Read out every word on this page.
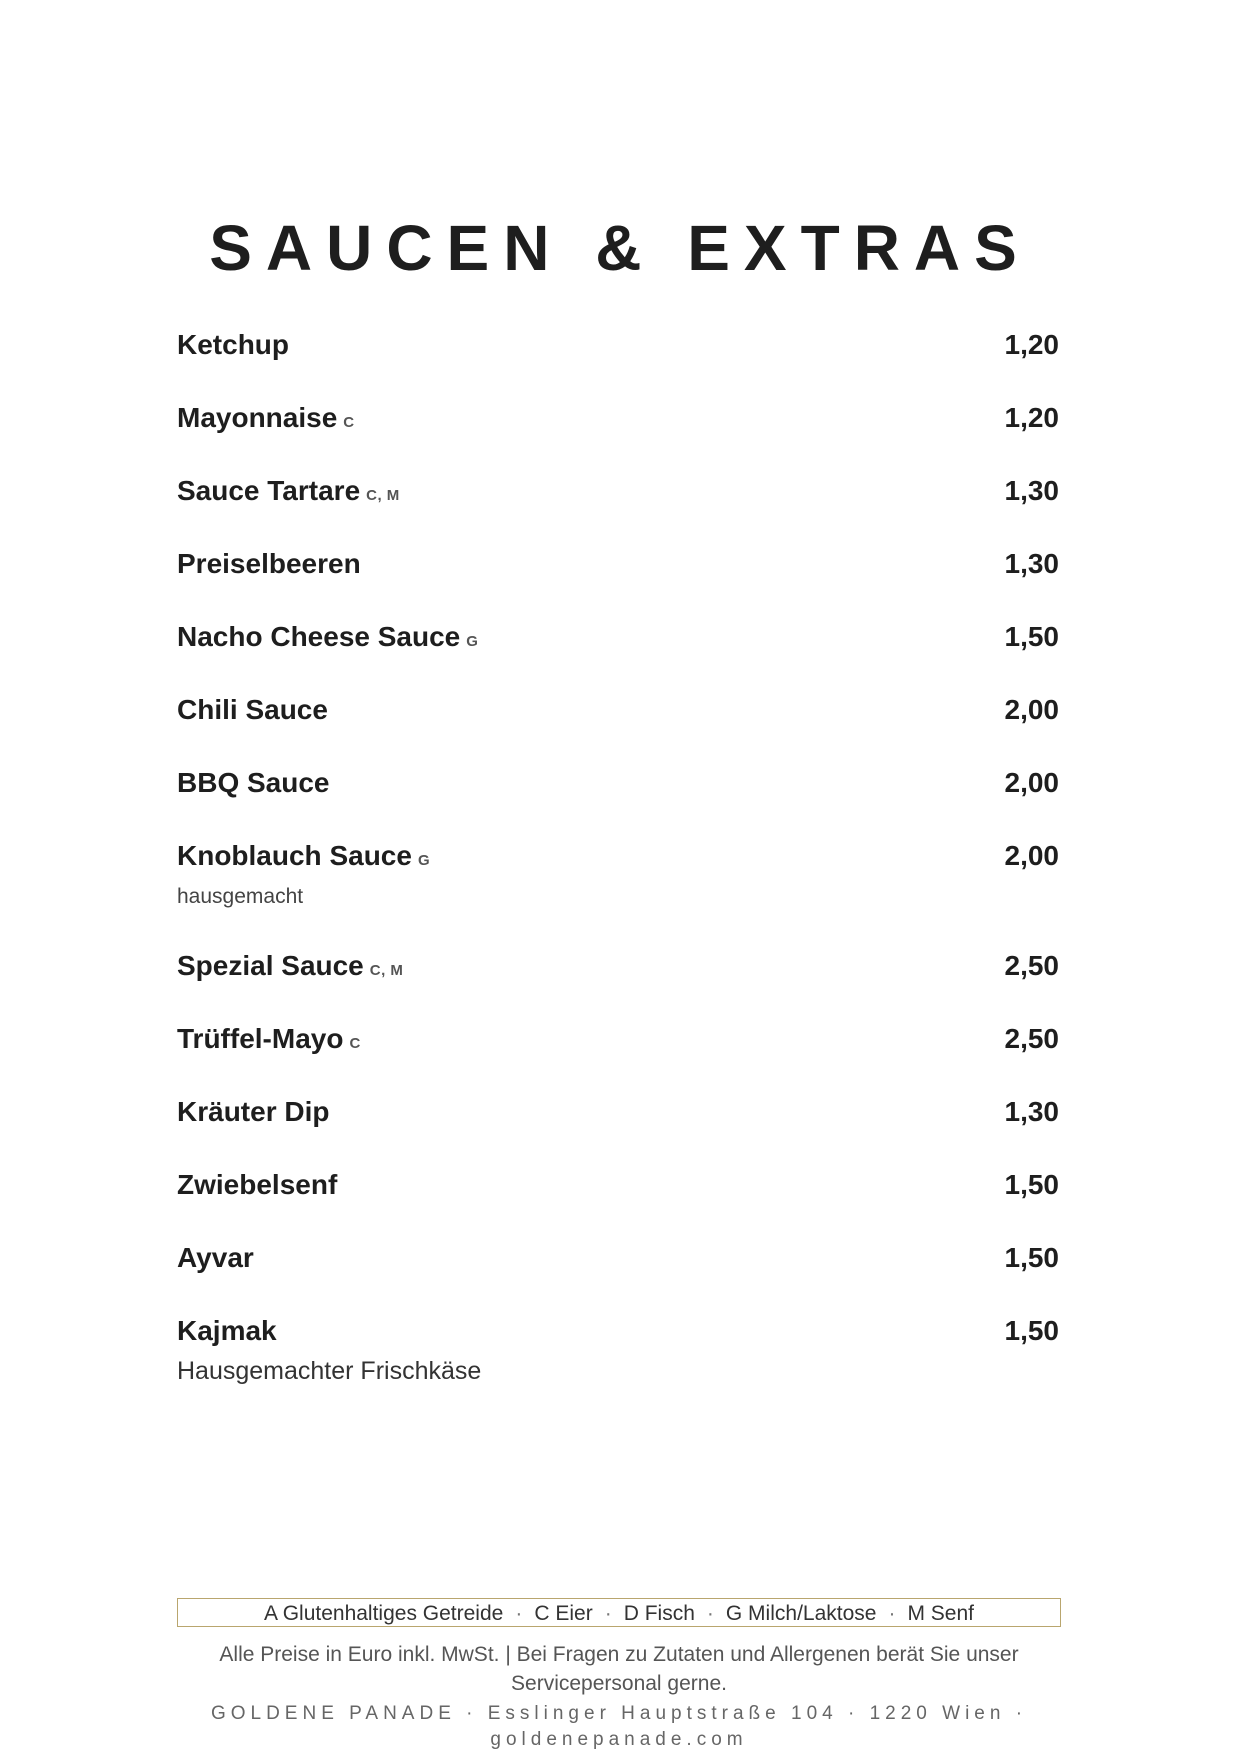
SAUCEN & EXTRAS
Ketchup	1,20
Mayonnaise C	1,20
Sauce Tartare C, M	1,30
Preiselbeeren	1,30
Nacho Cheese Sauce G	1,50
Chili Sauce	2,00
BBQ Sauce	2,00
Knoblauch Sauce G	2,00
hausgemacht
Spezial Sauce C, M	2,50
Trüffel-Mayo C	2,50
Kräuter Dip	1,30
Zwiebelsenf	1,50
Ayvar	1,50
Kajmak	1,50
Hausgemachter Frischkäse
A Glutenhaltiges Getreide · C Eier · D Fisch · G Milch/Laktose · M Senf
Alle Preise in Euro inkl. MwSt. | Bei Fragen zu Zutaten und Allergenen berät Sie unser Servicepersonal gerne.
GOLDENE PANADE · Esslinger Hauptstraße 104 · 1220 Wien · goldenepanade.com
